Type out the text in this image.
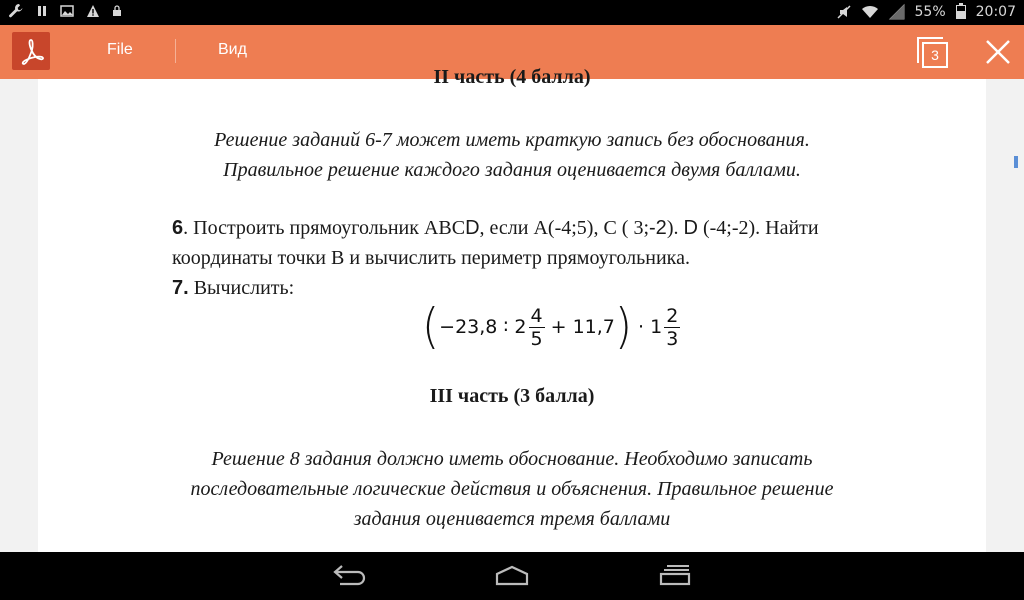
55% 20:07
File	Вид	3
II часть (4 балла)
Решение заданий 6-7 может иметь краткую запись без обоснования.
Правильное решение каждого задания оценивается двумя баллами.
6. Построить прямоугольник ABCD, если A(-4;5), C ( 3;-2). D (-4;-2). Найти
координаты точки B и вычислить периметр прямоугольника.
7. Вычислить:
( −23,8 ∶ $2 \frac{4}{5} + 11,7$ ) · $1 \frac{2}{3}$
III часть (3 балла)
Решение 8 задания должно иметь обоснование. Необходимо записать
последовательные логические действия и объяснения. Правильное решение
задания оценивается тремя баллами
